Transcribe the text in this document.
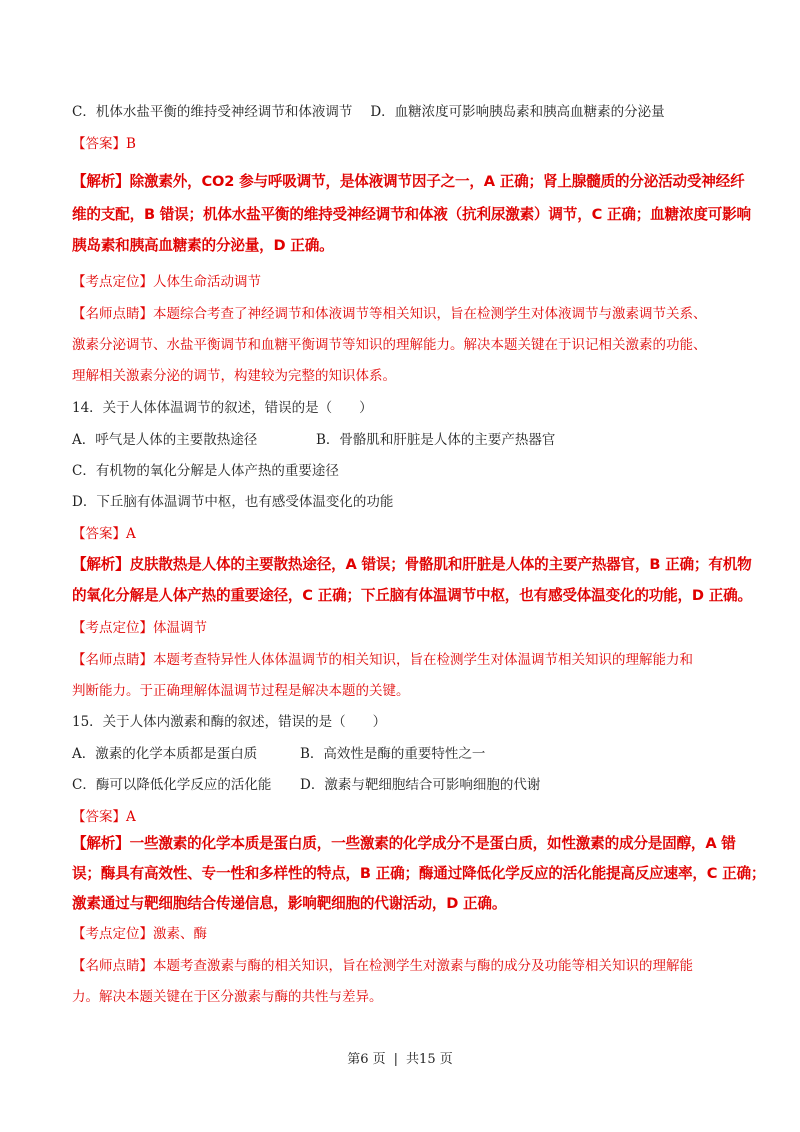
C．机体水盐平衡的维持受神经调节和体液调节 D．血糖浓度可影响胰岛素和胰高血糖素的分泌量
【答案】B
【解析】除激素外，CO2 参与呼吸调节，是体液调节因子之一，A 正确；肾上腺髓质的分泌活动受神经纤
维的支配，B 错误；机体水盐平衡的维持受神经调节和体液（抗利尿激素）调节，C 正确；血糖浓度可影响
胰岛素和胰高血糖素的分泌量，D 正确。
【考点定位】人体生命活动调节
【名师点睛】本题综合考查了神经调节和体液调节等相关知识，旨在检测学生对体液调节与激素调节关系、
激素分泌调节、水盐平衡调节和血糖平衡调节等知识的理解能力。解决本题关键在于识记相关激素的功能、
理解相关激素分泌的调节，构建较为完整的知识体系。
14．关于人体体温调节的叙述，错误的是（　　）
A．呼气是人体的主要散热途径	B．骨骼肌和肝脏是人体的主要产热器官
C．有机物的氧化分解是人体产热的重要途径
D．下丘脑有体温调节中枢，也有感受体温变化的功能
【答案】A
【解析】皮肤散热是人体的主要散热途径，A 错误；骨骼肌和肝脏是人体的主要产热器官，B 正确；有机物
的氧化分解是人体产热的重要途径，C 正确；下丘脑有体温调节中枢，也有感受体温变化的功能，D 正确。
【考点定位】体温调节
【名师点睛】本题考查特异性人体体温调节的相关知识，旨在检测学生对体温调节相关知识的理解能力和
判断能力。于正确理解体温调节过程是解决本题的关键。
15．关于人体内激素和酶的叙述，错误的是（　　）
A．激素的化学本质都是蛋白质	B．高效性是酶的重要特性之一
C．酶可以降低化学反应的活化能 D．激素与靶细胞结合可影响细胞的代谢
【答案】A
【解析】一些激素的化学本质是蛋白质，一些激素的化学成分不是蛋白质，如性激素的成分是固醇，A 错
误；酶具有高效性、专一性和多样性的特点，B 正确；酶通过降低化学反应的活化能提高反应速率，C 正确；
激素通过与靶细胞结合传递信息，影响靶细胞的代谢活动，D 正确。
【考点定位】激素、酶
【名师点睛】本题考查激素与酶的相关知识，旨在检测学生对激素与酶的成分及功能等相关知识的理解能
力。解决本题关键在于区分激素与酶的共性与差异。
第6 页 | 共15 页
